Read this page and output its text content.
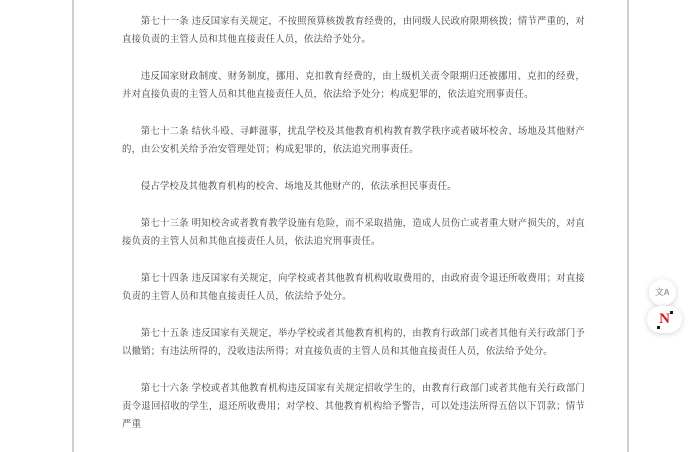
第七十一条 违反国家有关规定，不按照预算核拨教育经费的，由同级人民政府限期核拨；情节严重的，对直接负责的主管人员和其他直接责任人员，依法给予处分。

违反国家财政制度、财务制度，挪用、克扣教育经费的，由上级机关责令限期归还被挪用、克扣的经费，并对直接负责的主管人员和其他直接责任人员，依法给予处分；构成犯罪的，依法追究刑事责任。

第七十二条 结伙斗殴、寻衅滋事，扰乱学校及其他教育机构教育教学秩序或者破坏校舍、场地及其他财产的，由公安机关给予治安管理处罚；构成犯罪的，依法追究刑事责任。

侵占学校及其他教育机构的校舍、场地及其他财产的，依法承担民事责任。

第七十三条 明知校舍或者教育教学设施有危险，而不采取措施，造成人员伤亡或者重大财产损失的，对直接负责的主管人员和其他直接责任人员，依法追究刑事责任。

第七十四条 违反国家有关规定，向学校或者其他教育机构收取费用的，由政府责令退还所收费用；对直接负责的主管人员和其他直接责任人员，依法给予处分。

第七十五条 违反国家有关规定，举办学校或者其他教育机构的，由教育行政部门或者其他有关行政部门予以撤销；有违法所得的，没收违法所得；对直接负责的主管人员和其他直接责任人员，依法给予处分。

第七十六条 学校或者其他教育机构违反国家有关规定招收学生的，由教育行政部门或者其他有关行政部门责令退回招收的学生，退还所收费用；对学校、其他教育机构给予警告，可以处违法所得五倍以下罚款；情节严重

文A
N
